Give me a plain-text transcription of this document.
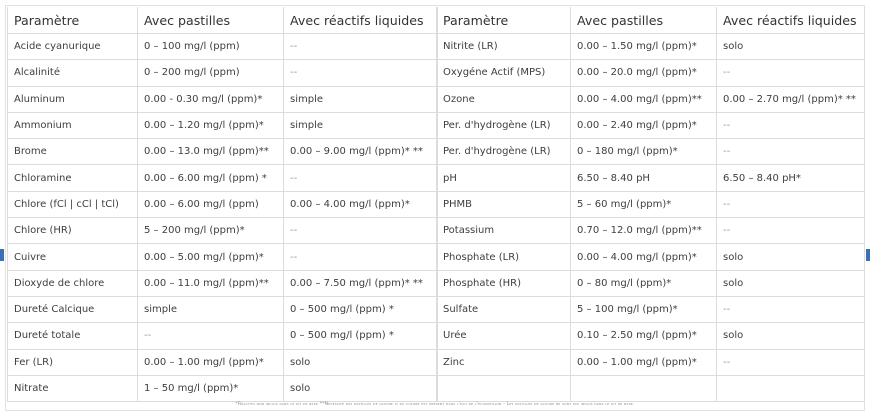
Paramètre	Avec pastilles	Avec réactifs liquides
Acide cyanurique	0 – 100 mg/l (ppm)	--
Alcalinité	0 – 200 mg/l (ppm)	--
Aluminum	0.00 - 0.30 mg/l (ppm)*	simple
Ammonium	0.00 – 1.20 mg/l (ppm)*	simple
Brome	0.00 – 13.0 mg/l (ppm)**	0.00 – 9.00 mg/l (ppm)* **
Chloramine	0.00 – 6.00 mg/l (ppm) *	--
Chlore (fCl | cCl | tCl)	0.00 – 6.00 mg/l (ppm)	0.00 – 4.00 mg/l (ppm)*
Chlore (HR)	5 – 200 mg/l (ppm)*	--
Cuivre	0.00 – 5.00 mg/l (ppm)*	--
Dioxyde de chlore	0.00 – 11.0 mg/l (ppm)**	0.00 – 7.50 mg/l (ppm)* **
Dureté Calcique	simple	0 – 500 mg/l (ppm) *
Dureté totale	--	0 – 500 mg/l (ppm) *
Fer (LR)	0.00 – 1.00 mg/l (ppm)*	solo
Nitrate	1 – 50 mg/l (ppm)*	solo
Paramètre	Avec pastilles	Avec réactifs liquides
Nitrite (LR)	0.00 – 1.50 mg/l (ppm)*	solo
Oxygéne Actif (MPS)	0.00 – 20.0 mg/l (ppm)*	--
Ozone	0.00 – 4.00 mg/l (ppm)**	0.00 – 2.70 mg/l (ppm)* **
Per. d'hydrogène (LR)	0.00 – 2.40 mg/l (ppm)*	--
Per. d'hydrogène (LR)	0 – 180 mg/l (ppm)*	--
pH	6.50 – 8.40 pH	6.50 – 8.40 pH*
PHMB	5 – 60 mg/l (ppm)*	--
Potassium	0.70 – 12.0 mg/l (ppm)**	--
Phosphate (LR)	0.00 – 4.00 mg/l (ppm)*	solo
Phosphate (HR)	0 – 80 mg/l (ppm)*	solo
Sulfate	5 – 100 mg/l (ppm)*	--
Urée	0.10 – 2.50 mg/l (ppm)*	solo
Zinc	0.00 – 1.00 mg/l (ppm)*	--

*Réactifs non inclus dans le kit de base **Nécessite des pastilles de glycine si du chlore est présent dans l'eau de l'échantillon - Les pastilles de glycine ne sont pas inclus dans le kit de base.
